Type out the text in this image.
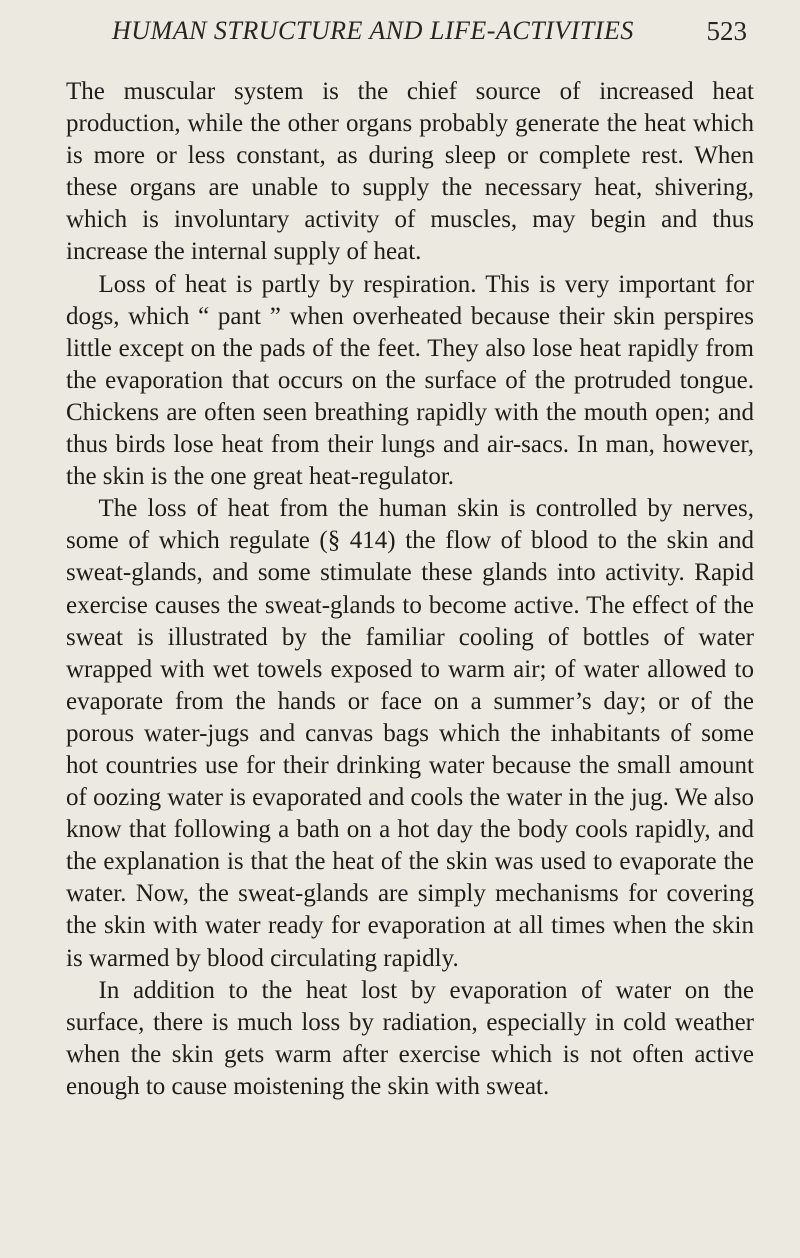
HUMAN STRUCTURE AND LIFE-ACTIVITIES	523

The muscular system is the chief source of increased heat production, while the other organs probably generate the heat which is more or less constant, as during sleep or complete rest. When these organs are unable to supply the necessary heat, shivering, which is involuntary activity of muscles, may begin and thus increase the internal supply of heat.

Loss of heat is partly by respiration. This is very important for dogs, which “ pant ” when overheated because their skin perspires little except on the pads of the feet. They also lose heat rapidly from the evaporation that occurs on the surface of the protruded tongue. Chickens are often seen breathing rapidly with the mouth open; and thus birds lose heat from their lungs and air-sacs. In man, however, the skin is the one great heat-regulator.

The loss of heat from the human skin is controlled by nerves, some of which regulate (§ 414) the flow of blood to the skin and sweat-glands, and some stimulate these glands into activity. Rapid exercise causes the sweat-glands to become active. The effect of the sweat is illustrated by the familiar cooling of bottles of water wrapped with wet towels exposed to warm air; of water allowed to evaporate from the hands or face on a summer’s day; or of the porous water-jugs and canvas bags which the inhabitants of some hot countries use for their drinking water because the small amount of oozing water is evaporated and cools the water in the jug. We also know that following a bath on a hot day the body cools rapidly, and the explanation is that the heat of the skin was used to evaporate the water. Now, the sweat-glands are simply mechanisms for covering the skin with water ready for evaporation at all times when the skin is warmed by blood circulating rapidly.

In addition to the heat lost by evaporation of water on the surface, there is much loss by radiation, especially in cold weather when the skin gets warm after exercise which is not often active enough to cause moistening the skin with sweat.
